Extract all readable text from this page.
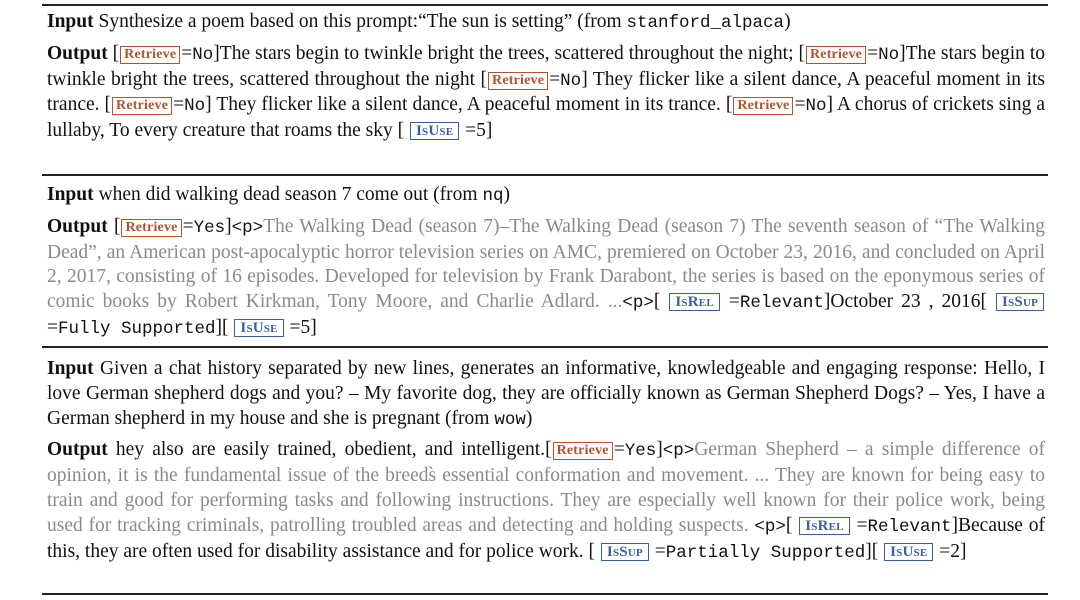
Input Synthesize a poem based on this prompt:“The sun is setting” (from stanford_alpaca)

Output [ Retrieve =No]The stars begin to twinkle bright the trees, scattered throughout the night; [ Retrieve =No]The stars begin to twinkle bright the trees, scattered throughout the night [ Retrieve =No] They flicker like a silent dance, A peaceful moment in its trance. [ Retrieve =No] They flicker like a silent dance, A peaceful moment in its trance. [ Retrieve =No] A chorus of crickets sing a lullaby, To every creature that roams the sky [ IsUse =5]

Input when did walking dead season 7 come out (from nq)

Output [ Retrieve =Yes]<p>The Walking Dead (season 7)–The Walking Dead (season 7) The seventh season of “The Walking Dead”, an American post-apocalyptic horror television series on AMC, premiered on October 23, 2016, and concluded on April 2, 2017, consisting of 16 episodes. Developed for television by Frank Darabont, the series is based on the eponymous series of comic books by Robert Kirkman, Tony Moore, and Charlie Adlard. ...<p>[ IsRel =Relevant]October 23 , 2016[ IsSup =Fully Supported][ IsUse =5]

Input Given a chat history separated by new lines, generates an informative, knowledgeable and engaging response: Hello, I love German shepherd dogs and you? – My favorite dog, they are officially known as German Shepherd Dogs? – Yes, I have a German shepherd in my house and she is pregnant (from wow)

Output hey also are easily trained, obedient, and intelligent.[ Retrieve =Yes]<p>German Shepherd – a simple difference of opinion, it is the fundamental issue of the breeds̀ essential conformation and movement. ... They are known for being easy to train and good for performing tasks and following instructions. They are especially well known for their police work, being used for tracking criminals, patrolling troubled areas and detecting and holding suspects. <p>[ IsRel =Relevant]Because of this, they are often used for disability assistance and for police work. [ IsSup =Partially Supported][ IsUse =2]
